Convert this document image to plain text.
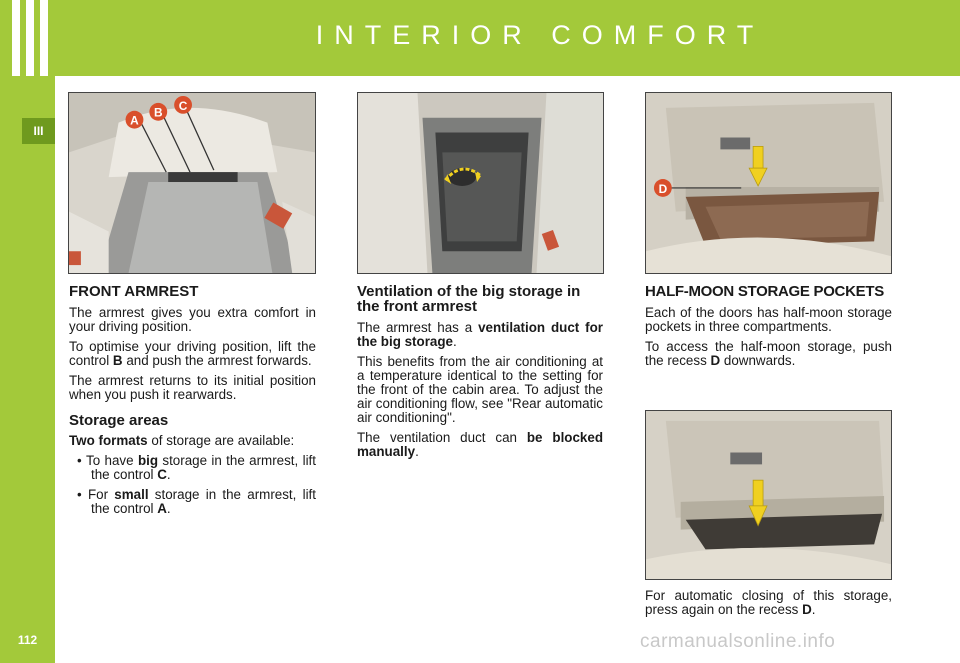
INTERIOR COMFORT
III
112
A
B C
D
FRONT ARMREST

The armrest gives you extra comfort in your driving position.

To optimise your driving position, lift the control B and push the armrest forwards.

The armrest returns to its initial position when you push it rearwards.

Storage areas

Two formats of storage are available:

• To have big storage in the armrest, lift the control C.

• For small storage in the armrest, lift the control A.

Ventilation of the big storage in the front armrest

The armrest has a ventilation duct for the big storage.

This benefits from the air conditioning at a temperature identical to the setting for the front of the cabin area. To adjust the air conditioning flow, see "Rear automatic air conditioning".

The ventilation duct can be blocked manually.

HALF-MOON STORAGE POCKETS

Each of the doors has half-moon storage pockets in three compartments.

To access the half-moon storage, push the recess D downwards.

For automatic closing of this storage, press again on the recess D.

carmanualsonline.info
